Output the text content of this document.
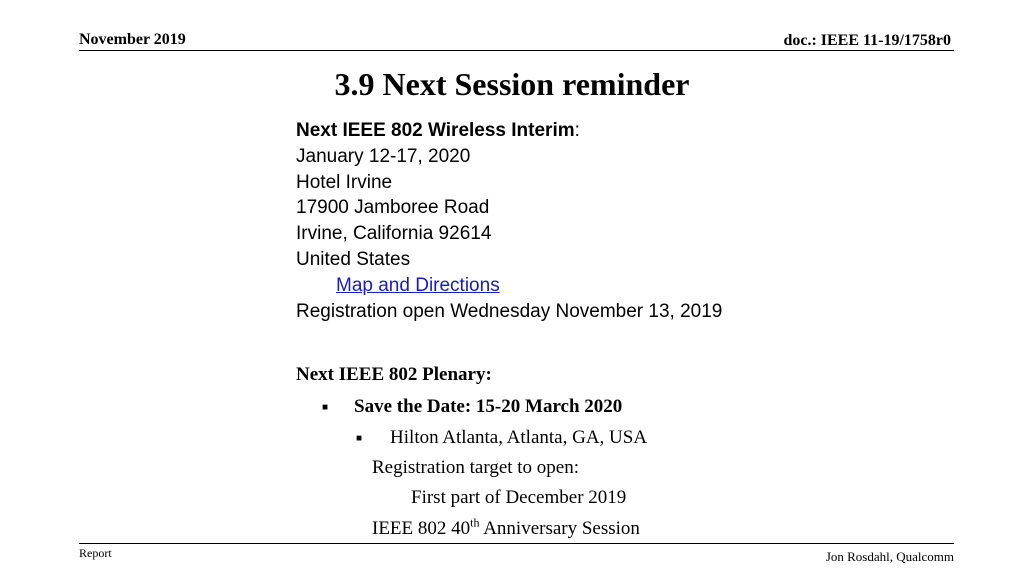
November 2019	doc.: IEEE 11-19/1758r0
3.9 Next Session reminder
Next IEEE 802 Wireless Interim:
January 12-17, 2020
Hotel Irvine
17900 Jamboree Road
Irvine, California 92614
United States
Map and Directions
Registration open Wednesday November 13, 2019
Next IEEE 802 Plenary:
■ Save the Date: 15-20 March 2020
■ Hilton Atlanta, Atlanta, GA, USA
Registration target to open:
First part of December 2019
IEEE 802 40th Anniversary Session
Report	Jon Rosdahl, Qualcomm
